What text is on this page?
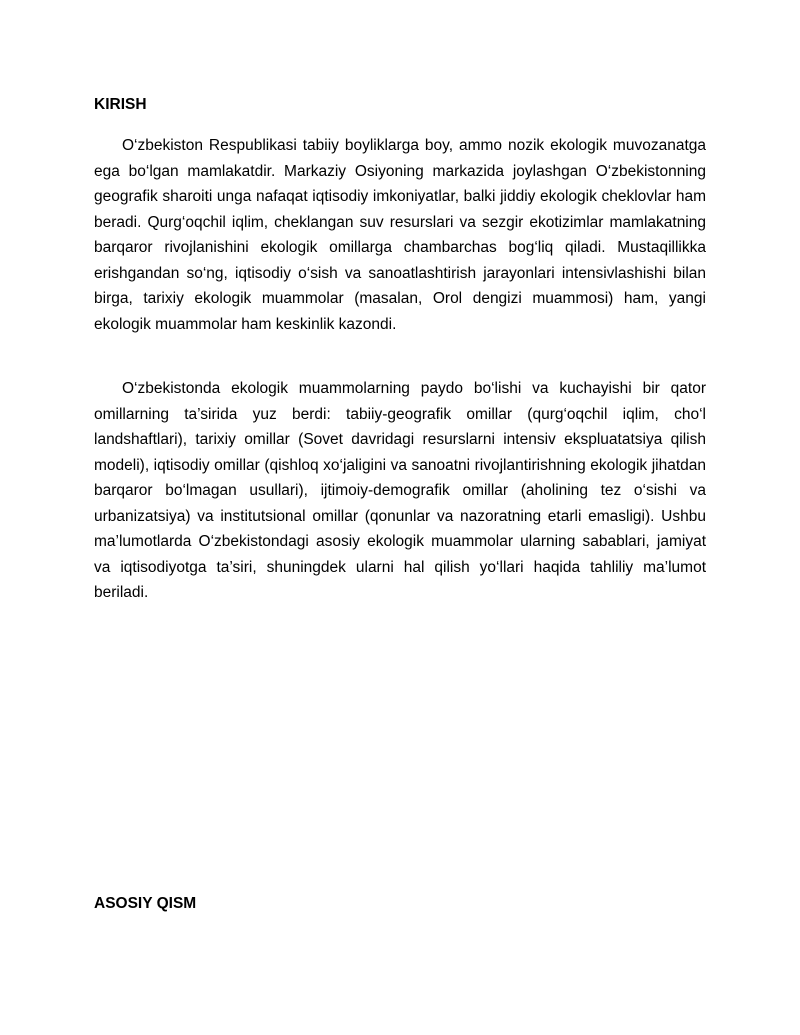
KIRISH

O‘zbekiston Respublikasi tabiiy boyliklarga boy, ammo nozik ekologik muvozanatga ega bo‘lgan mamlakatdir. Markaziy Osiyoning markazida joylashgan O‘zbekistonning geografik sharoiti unga nafaqat iqtisodiy imkoniyatlar, balki jiddiy ekologik cheklovlar ham beradi. Qurg‘oqchil iqlim, cheklangan suv resurslari va sezgir ekotizimlar mamlakatning barqaror rivojlanishini ekologik omillarga chambarchas bog‘liq qiladi. Mustaqillikka erishgandan so‘ng, iqtisodiy o‘sish va sanoatlashtirish jarayonlari intensivlashishi bilan birga, tarixiy ekologik muammolar (masalan, Orol dengizi muammosi) ham, yangi ekologik muammolar ham keskinlik kazondi.

O‘zbekistonda ekologik muammolarning paydo bo‘lishi va kuchayishi bir qator omillarning ta’sirida yuz berdi: tabiiy-geografik omillar (qurg‘oqchil iqlim, cho‘l landshaftlari), tarixiy omillar (Sovet davridagi resurslarni intensiv ekspluatatsiya qilish modeli), iqtisodiy omillar (qishloq xo‘jaligini va sanoatni rivojlantirishning ekologik jihatdan barqaror bo‘lmagan usullari), ijtimoiy-demografik omillar (aholining tez o‘sishi va urbanizatsiya) va institutsional omillar (qonunlar va nazoratning etarli emasligi). Ushbu ma’lumotlarda O‘zbekistondagi asosiy ekologik muammolar ularning sabablari, jamiyat va iqtisodiyotga ta’siri, shuningdek ularni hal qilish yo‘llari haqida tahliliy ma’lumot beriladi.

ASOSIY QISM
